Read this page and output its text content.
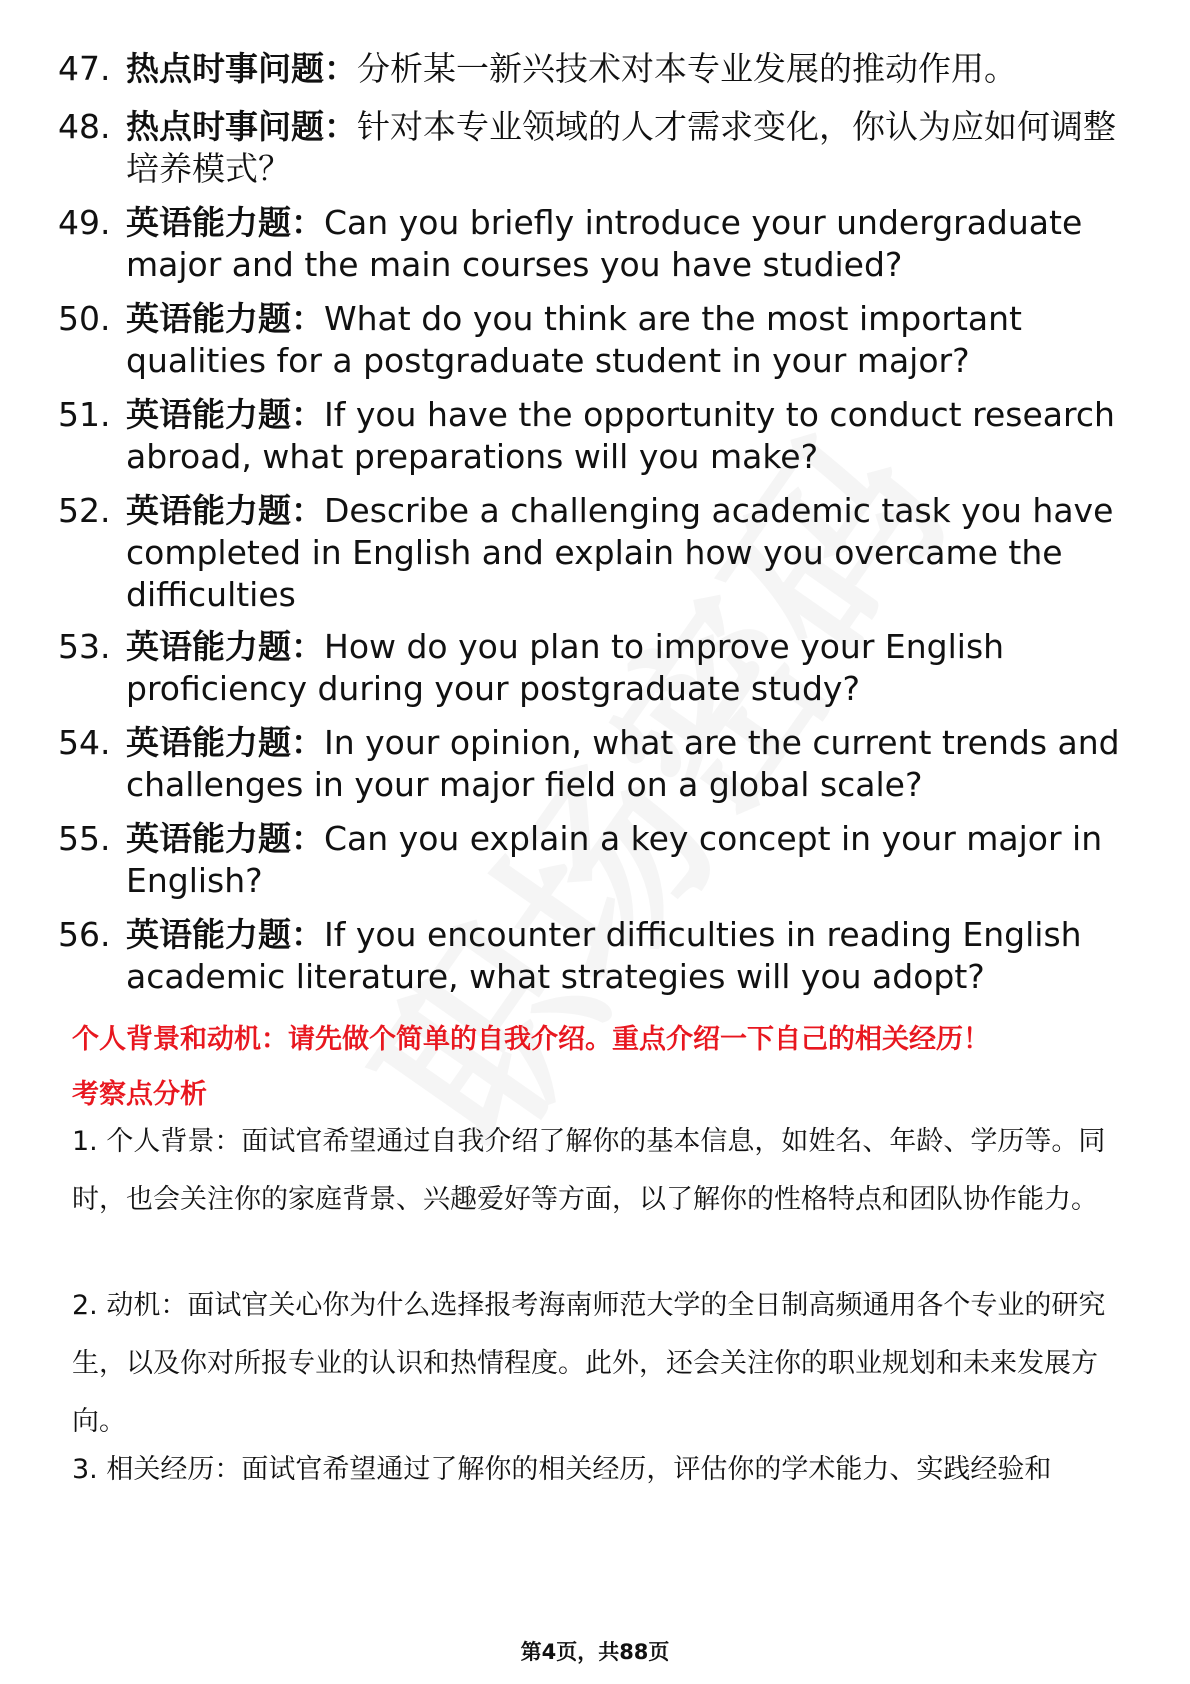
47. 热点时事问题：分析某一新兴技术对本专业发展的推动作用。
48. 热点时事问题：针对本专业领域的人才需求变化，你认为应如何调整培养模式？
49. 英语能力题：Can you briefly introduce your undergraduate major and the main courses you have studied?
50. 英语能力题：What do you think are the most important qualities for a postgraduate student in your major?
51. 英语能力题：If you have the opportunity to conduct research abroad, what preparations will you make?
52. 英语能力题：Describe a challenging academic task you have completed in English and explain how you overcame the difficulties
53. 英语能力题：How do you plan to improve your English proficiency during your postgraduate study?
54. 英语能力题：In your opinion, what are the current trends and challenges in your major field on a global scale?
55. 英语能力题：Can you explain a key concept in your major in English?
56. 英语能力题：If you encounter difficulties in reading English academic literature, what strategies will you adopt?
个人背景和动机：请先做个简单的自我介绍。重点介绍一下自己的相关经历！
考察点分析
1. 个人背景：面试官希望通过自我介绍了解你的基本信息，如姓名、年龄、学历等。同时，也会关注你的家庭背景、兴趣爱好等方面，以了解你的性格特点和团队协作能力。
2. 动机：面试官关心你为什么选择报考海南师范大学的全日制高频通用各个专业的研究生，以及你对所报专业的认识和热情程度。此外，还会关注你的职业规划和未来发展方向。
3. 相关经历：面试官希望通过了解你的相关经历，评估你的学术能力、实践经验和
第4页，共88页
